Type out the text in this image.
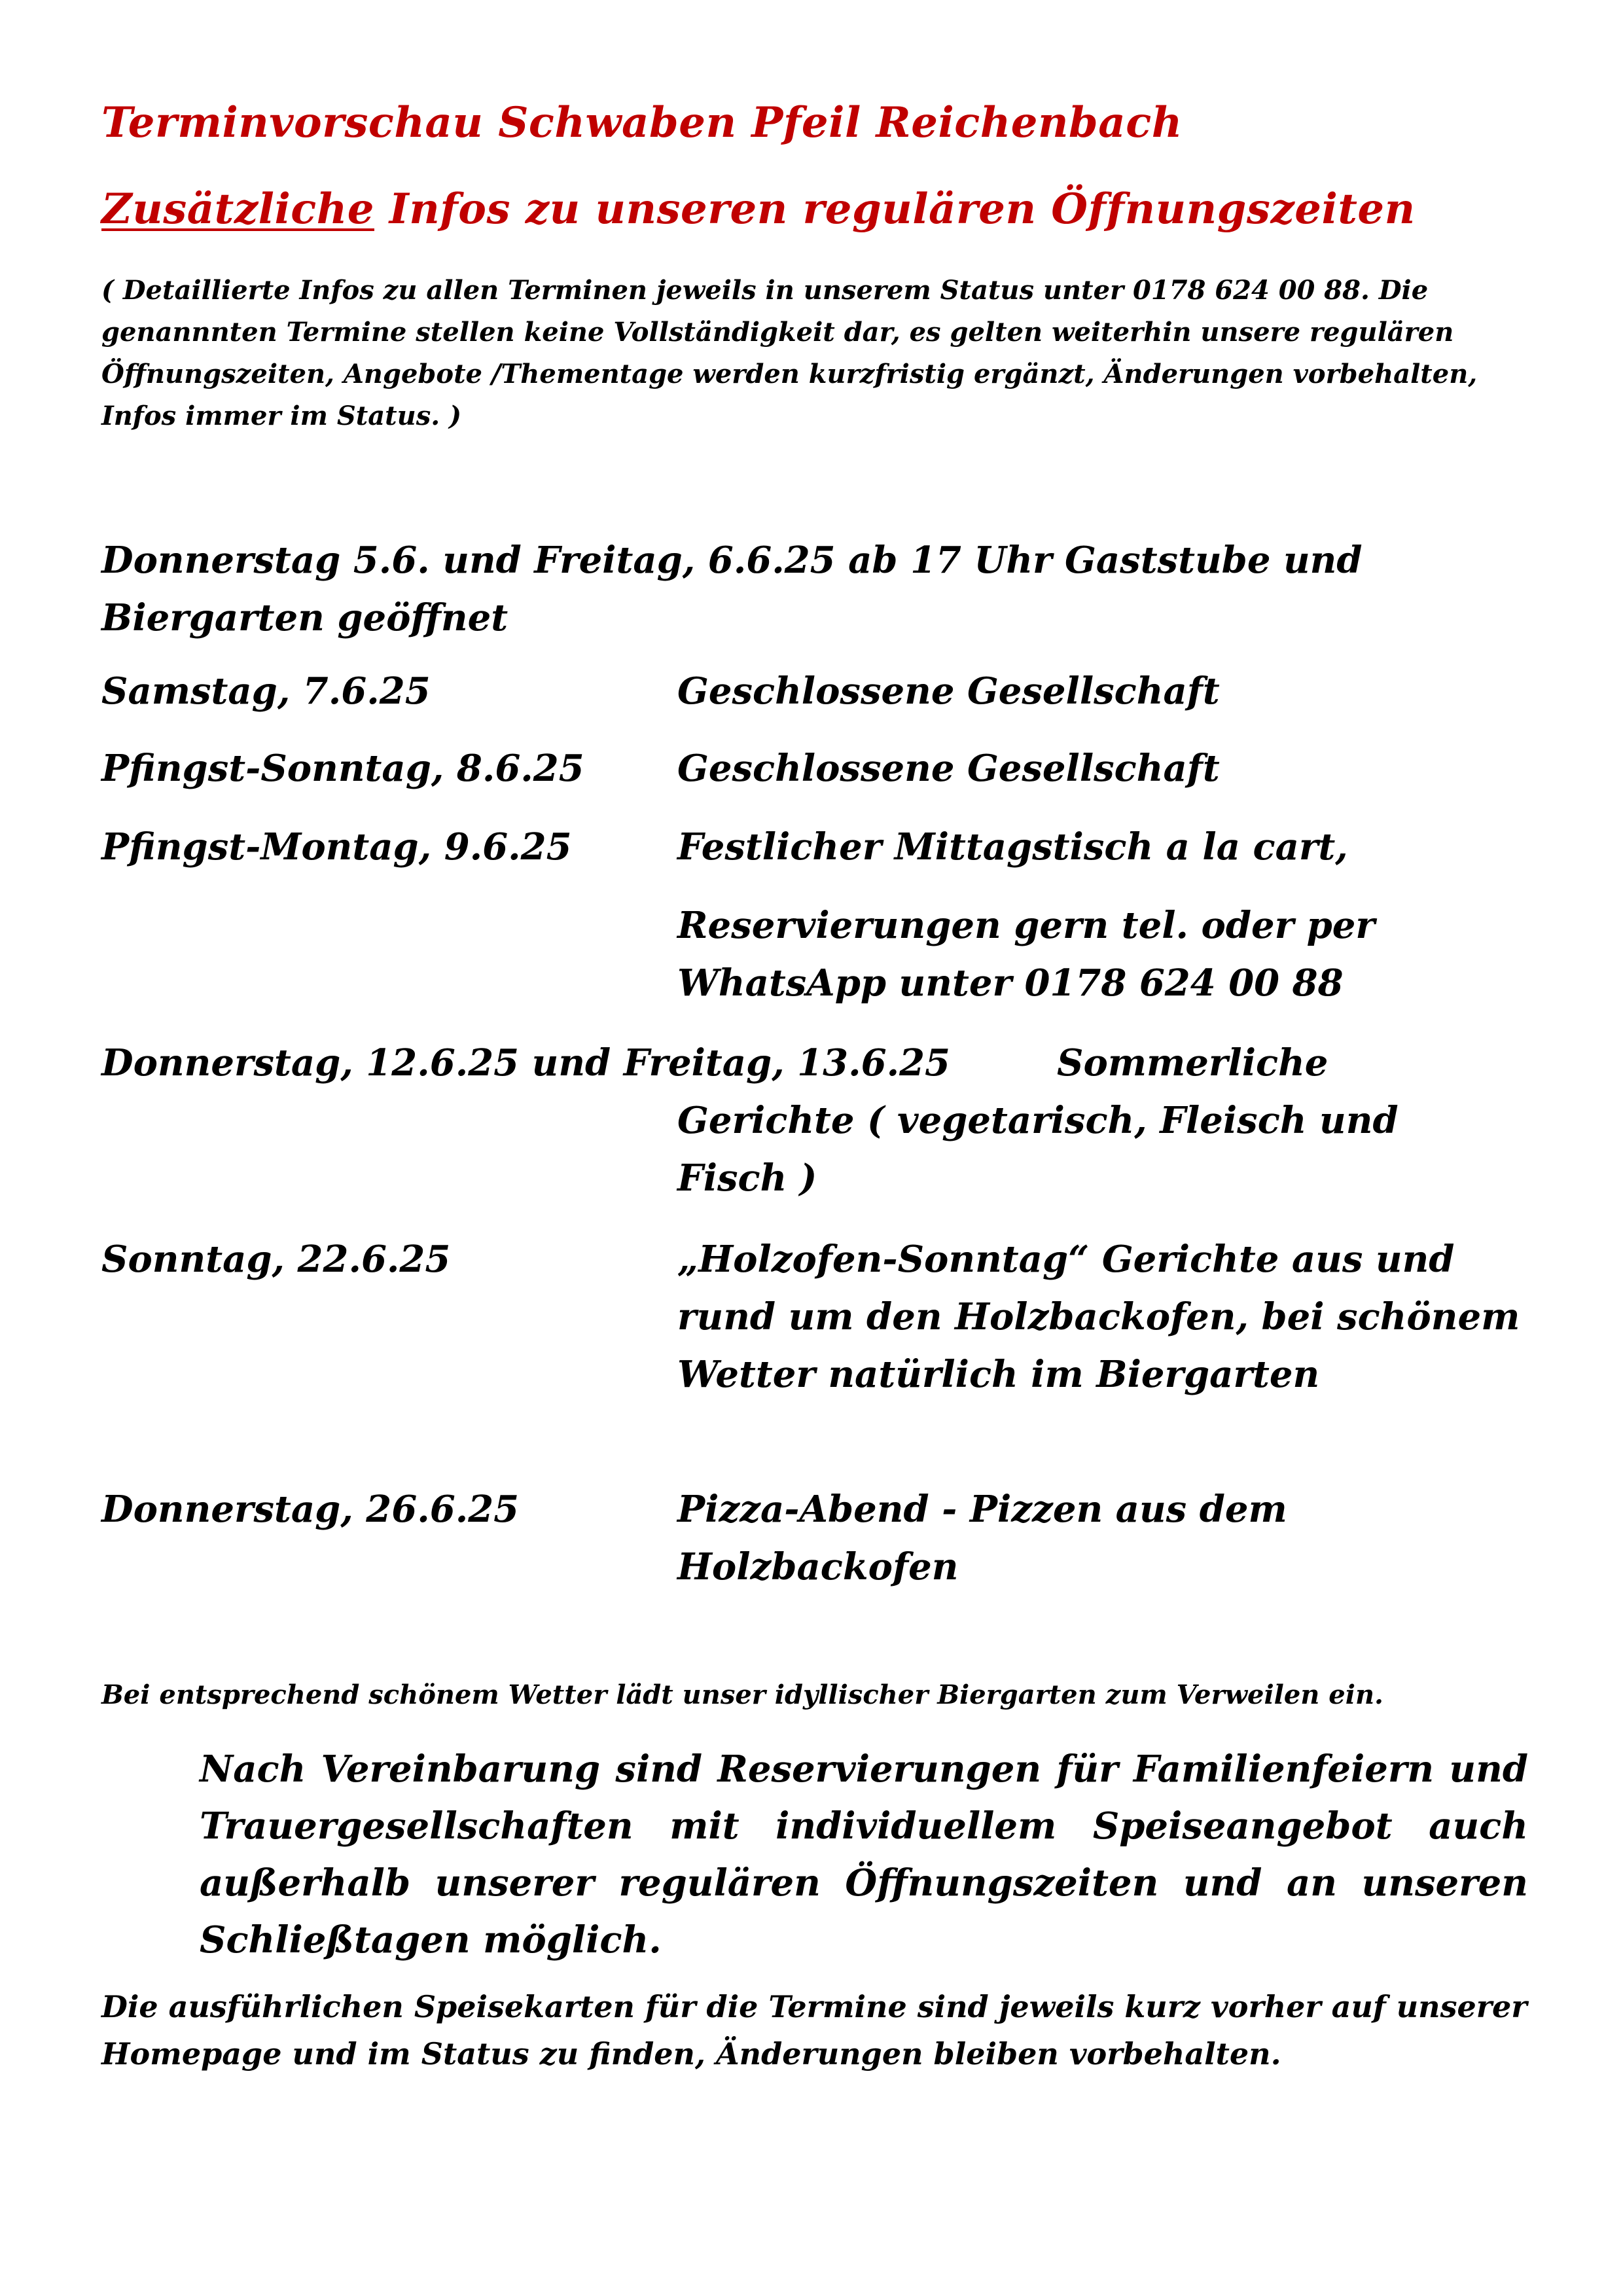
Terminvorschau Schwaben Pfeil Reichenbach
Zusätzliche Infos zu unseren regulären Öffnungszeiten
( Detaillierte Infos zu allen Terminen jeweils in unserem Status unter 0178 624 00 88. Die genannnten Termine stellen keine Vollständigkeit dar, es gelten weiterhin unsere regulären Öffnungszeiten, Angebote /Thementage werden kurzfristig ergänzt, Änderungen vorbehalten, Infos immer im Status. )
Donnerstag 5.6. und Freitag, 6.6.25 ab 17 Uhr Gaststube und Biergarten geöffnet
Samstag, 7.6.25	Geschlossene Gesellschaft
Pfingst-Sonntag, 8.6.25	Geschlossene Gesellschaft
Pfingst-Montag, 9.6.25	Festlicher Mittagstisch a la cart,
Reservierungen gern tel. oder per WhatsApp unter 0178 624 00 88
Donnerstag, 12.6.25 und Freitag, 13.6.25	Sommerliche Gerichte ( vegetarisch, Fleisch und Fisch )
Sonntag, 22.6.25	„Holzofen-Sonntag“ Gerichte aus und rund um den Holzbackofen, bei schönem Wetter natürlich im Biergarten
Donnerstag, 26.6.25	Pizza-Abend - Pizzen aus dem Holzbackofen
Bei entsprechend schönem Wetter lädt unser idyllischer Biergarten zum Verweilen ein.
Nach Vereinbarung sind Reservierungen für Familienfeiern und Trauergesellschaften mit individuellem Speiseangebot auch außerhalb unserer regulären Öffnungszeiten und an unseren Schließtagen möglich.
Die ausführlichen Speisekarten für die Termine sind jeweils kurz vorher auf unserer Homepage und im Status zu finden, Änderungen bleiben vorbehalten.
